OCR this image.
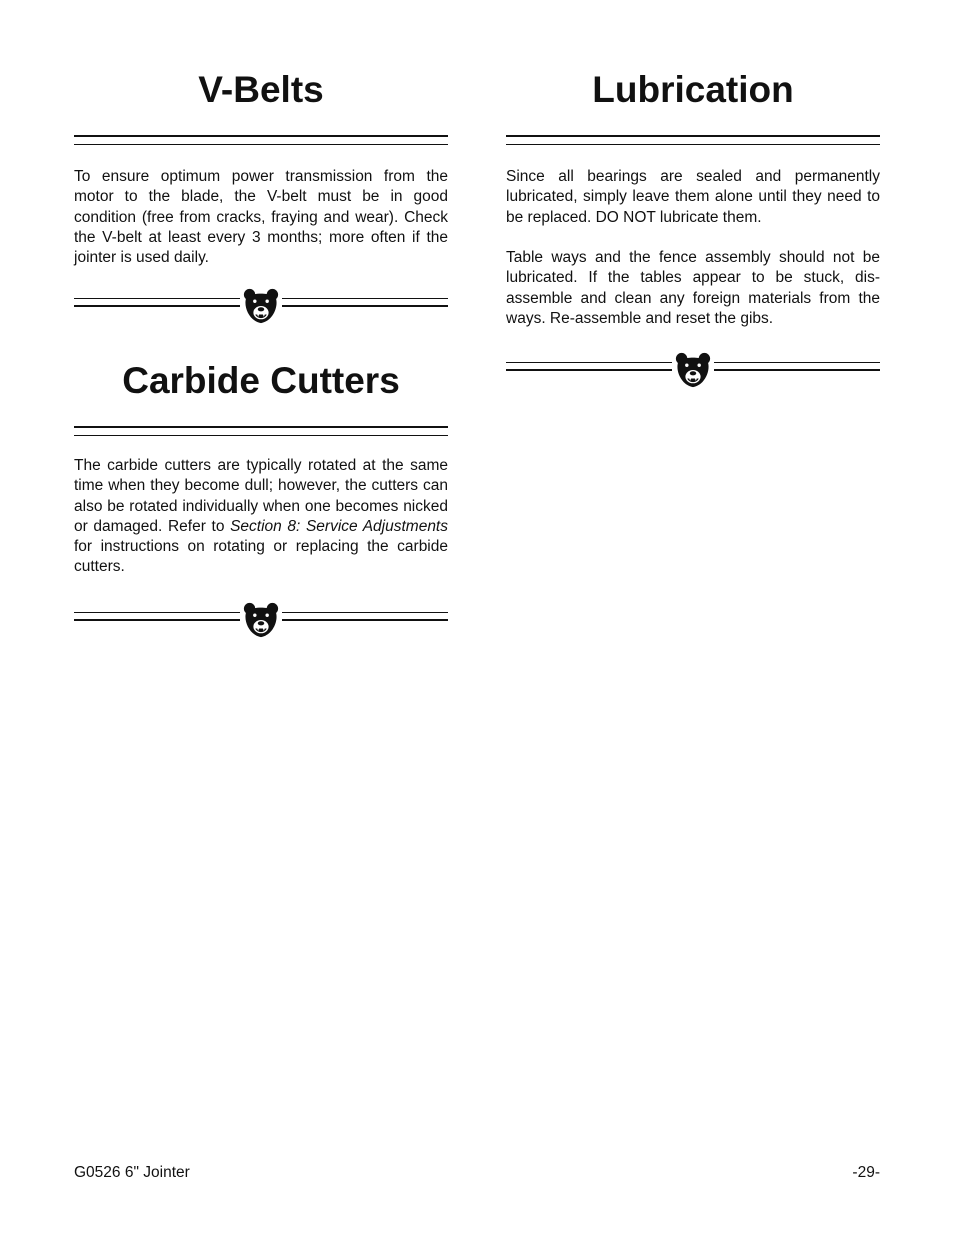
V-Belts

To ensure optimum power transmission from the motor to the blade, the V-belt must be in good condition (free from cracks, fraying and wear). Check the V-belt at least every 3 months; more often if the jointer is used daily.

Carbide Cutters

The carbide cutters are typically rotated at the same time when they become dull; however, the cutters can also be rotated individually when one becomes nicked or damaged. Refer to Section 8: Service Adjustments for instructions on rotating or replacing the carbide cutters.

Lubrication

Since all bearings are sealed and permanently lubricated, simply leave them alone until they need to be replaced. DO NOT lubricate them.

Table ways and the fence assembly should not be lubricated. If the tables appear to be stuck, dis-assemble and clean any foreign materials from the ways. Re-assemble and reset the gibs.

G0526 6" Jointer	-29-
